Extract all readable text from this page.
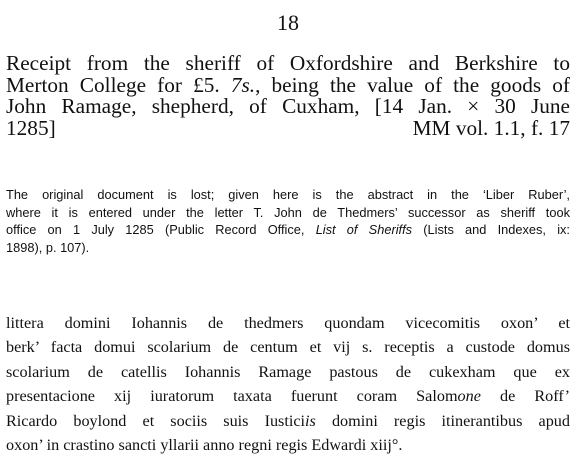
18
Receipt from the sheriff of Oxfordshire and Berkshire to
Merton College for £5. 7s., being the value of the goods of
John Ramage, shepherd, of Cuxham, [14 Jan. × 30 June
1285]	MM vol. 1.1, f. 17
The original document is lost; given here is the abstract in the ‘Liber Ruber’,
where it is entered under the letter T. John de Thedmers’ successor as sheriff took
office on 1 July 1285 (Public Record Office, List of Sheriffs (Lists and Indexes, ix:
1898), p. 107).
littera domini Iohannis de thedmers quondam vicecomitis oxon’ et
berk’ facta domui scolarium de centum et vij s. receptis a custode domus
scolarium de catellis Iohannis Ramage pastous de cukexham que ex
presentacione xij iuratorum taxata fuerunt coram Salomone de Roff’
Ricardo boylond et sociis suis Iusticiis domini regis itinerantibus apud
oxon’ in crastino sancti yllarii anno regni regis Edwardi xiij°.
